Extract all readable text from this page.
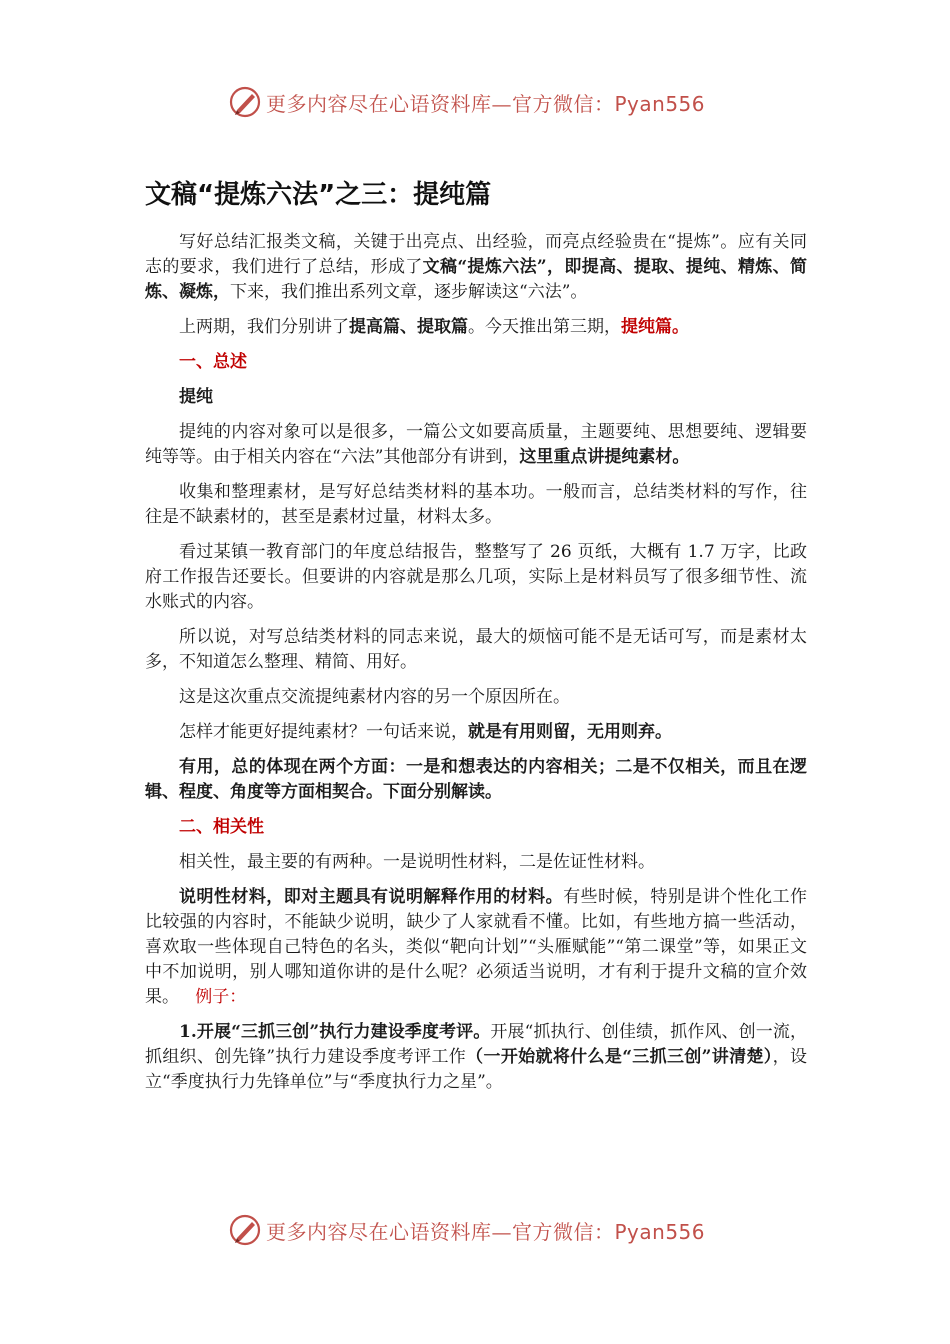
更多内容尽在心语资料库—官方微信：Pyan556
文稿“提炼六法”之三：提纯篇

写好总结汇报类文稿，关键于出亮点、出经验，而亮点经验贵在“提炼”。应有关同志的要求，我们进行了总结，形成了文稿“提炼六法”，即提高、提取、提纯、精炼、简炼、凝炼，下来，我们推出系列文章，逐步解读这“六法”。

上两期，我们分别讲了提高篇、提取篇。今天推出第三期，提纯篇。

一、总述

提纯

提纯的内容对象可以是很多，一篇公文如要高质量，主题要纯、思想要纯、逻辑要纯等等。由于相关内容在“六法”其他部分有讲到，这里重点讲提纯素材。

收集和整理素材，是写好总结类材料的基本功。一般而言，总结类材料的写作，往往是不缺素材的，甚至是素材过量，材料太多。

看过某镇一教育部门的年度总结报告，整整写了 26 页纸，大概有 1.7 万字，比政府工作报告还要长。但要讲的内容就是那么几项，实际上是材料员写了很多细节性、流水账式的内容。

所以说，对写总结类材料的同志来说，最大的烦恼可能不是无话可写，而是素材太多，不知道怎么整理、精简、用好。

这是这次重点交流提纯素材内容的另一个原因所在。

怎样才能更好提纯素材？一句话来说，就是有用则留，无用则弃。

有用，总的体现在两个方面：一是和想表达的内容相关；二是不仅相关，而且在逻辑、程度、角度等方面相契合。下面分别解读。

二、相关性

相关性，最主要的有两种。一是说明性材料，二是佐证性材料。

说明性材料，即对主题具有说明解释作用的材料。有些时候，特别是讲个性化工作比较强的内容时，不能缺少说明，缺少了人家就看不懂。比如，有些地方搞一些活动，喜欢取一些体现自己特色的名头，类似“靶向计划”“头雁赋能”“第二课堂”等，如果正文中不加说明，别人哪知道你讲的是什么呢？必须适当说明，才有利于提升文稿的宣介效果。 例子：

1.开展“三抓三创”执行力建设季度考评。开展“抓执行、创佳绩，抓作风、创一流，抓组织、创先锋”执行力建设季度考评工作（一开始就将什么是“三抓三创”讲清楚），设立“季度执行力先锋单位”与“季度执行力之星”。

更多内容尽在心语资料库—官方微信：Pyan556
